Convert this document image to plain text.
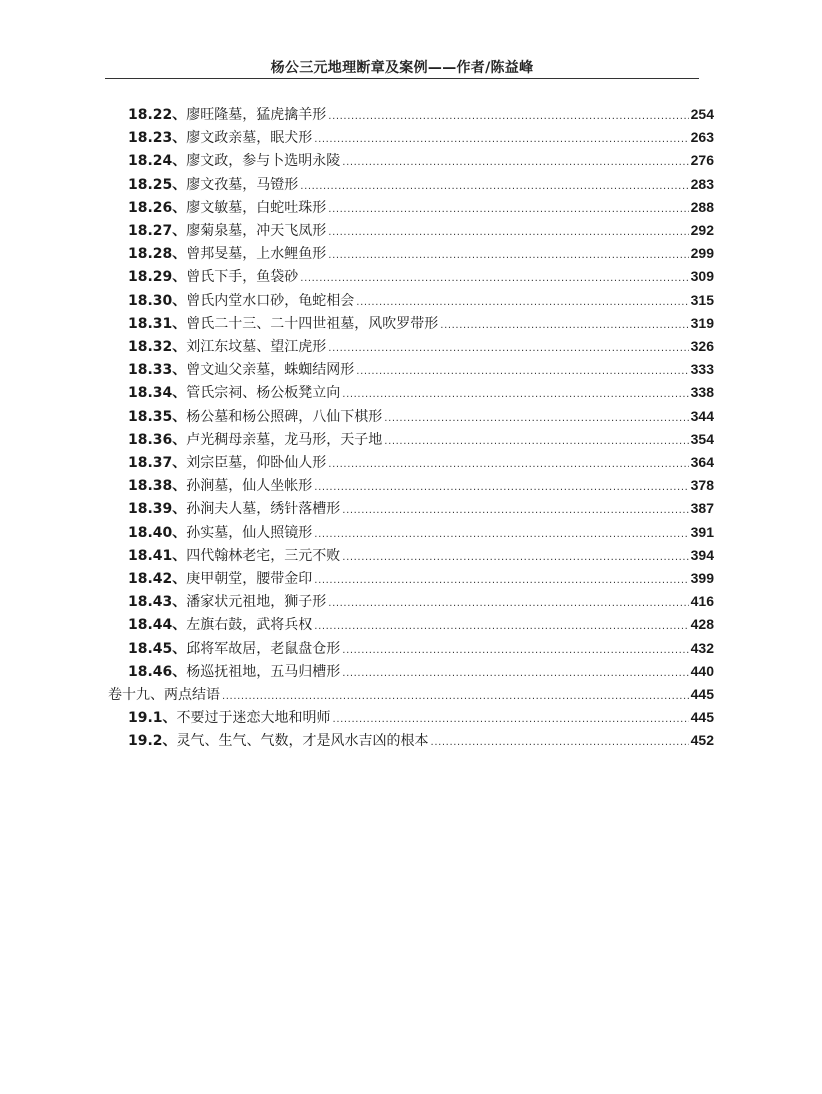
杨公三元地理断章及案例——作者/陈益峰
18.22、 廖旺隆墓，猛虎擒羊形 .....	254
18.23、 廖文政亲墓，眠犬形 .....	263
18.24、 廖文政，参与卜选明永陵 .....	276
18.25、 廖文孜墓，马镫形 .....	283
18.26、 廖文敏墓，白蛇吐珠形 .....	288
18.27、 廖菊泉墓，冲天飞凤形 .....	292
18.28、 曾邦旻墓，上水鲤鱼形 .....	299
18.29、 曾氏下手，鱼袋砂 .....	309
18.30、 曾氏内堂水口砂，龟蛇相会 .....	315
18.31、 曾氏二十三、二十四世祖墓，风吹罗带形 .....	319
18.32、 刘江东坟墓、望江虎形 .....	326
18.33、 曾文辿父亲墓，蛛蜘结网形 .....	333
18.34、 管氏宗祠、杨公板凳立向 .....	338
18.35、 杨公墓和杨公照碑，八仙下棋形 .....	344
18.36、 卢光稠母亲墓，龙马形，天子地 .....	354
18.37、 刘宗臣墓，仰卧仙人形 .....	364
18.38、 孙涧墓，仙人坐帐形 .....	378
18.39、 孙涧夫人墓，绣针落槽形 .....	387
18.40、 孙实墓，仙人照镜形 .....	391
18.41、 四代翰林老宅，三元不败 .....	394
18.42、 庚甲朝堂，腰带金印 .....	399
18.43、 潘家状元祖地，狮子形 .....	416
18.44、 左旗右鼓，武将兵权 .....	428
18.45、 邱将军故居，老鼠盘仓形 .....	432
18.46、 杨巡抚祖地，五马归槽形 .....	440
卷十九、两点结语 .....	445
19.1、 不要过于迷恋大地和明师 .....	445
19.2、 灵气、生气、气数，才是风水吉凶的根本 .....	452
